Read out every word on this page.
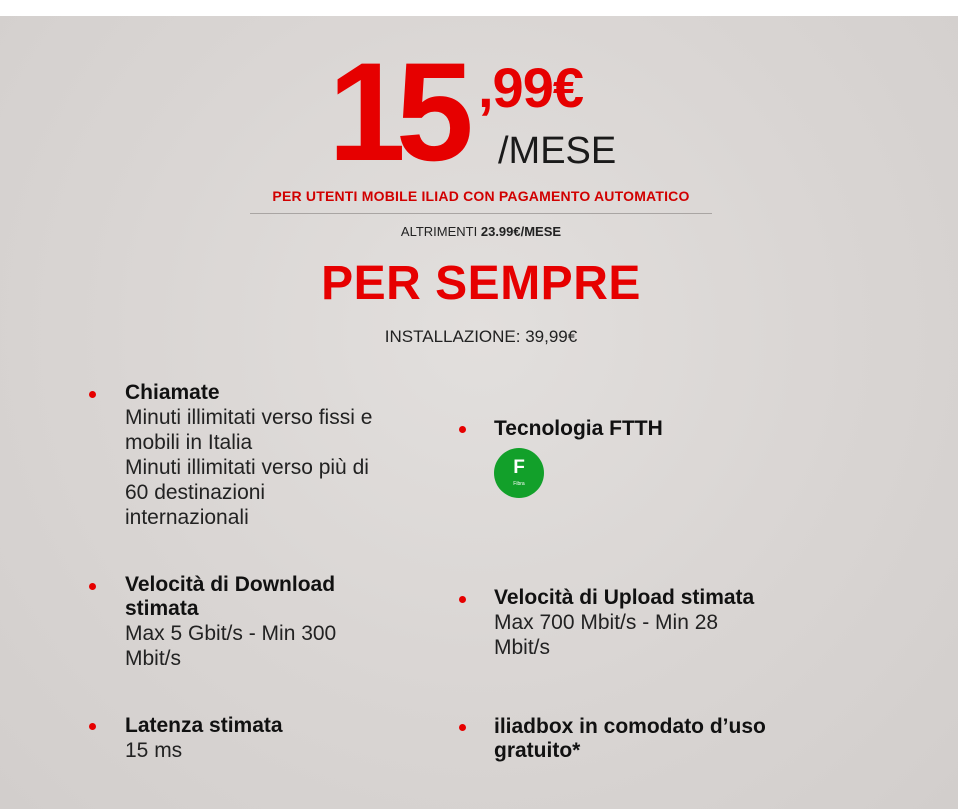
15 ,99€
/MESE
PER UTENTI MOBILE ILIAD CON PAGAMENTO AUTOMATICO
ALTRIMENTI 23.99€/MESE
PER SEMPRE
INSTALLAZIONE: 39,99€
Chiamate
Minuti illimitati verso fissi e
mobili in Italia
Minuti illimitati verso più di
60 destinazioni
internazionali
Tecnologia FTTH
F
Fibra
Velocità di Download
stimata
Max 5 Gbit/s - Min 300
Mbit/s
Velocità di Upload stimata
Max 700 Mbit/s - Min 28
Mbit/s
Latenza stimata
15 ms
iliadbox in comodato d’uso
gratuito*
